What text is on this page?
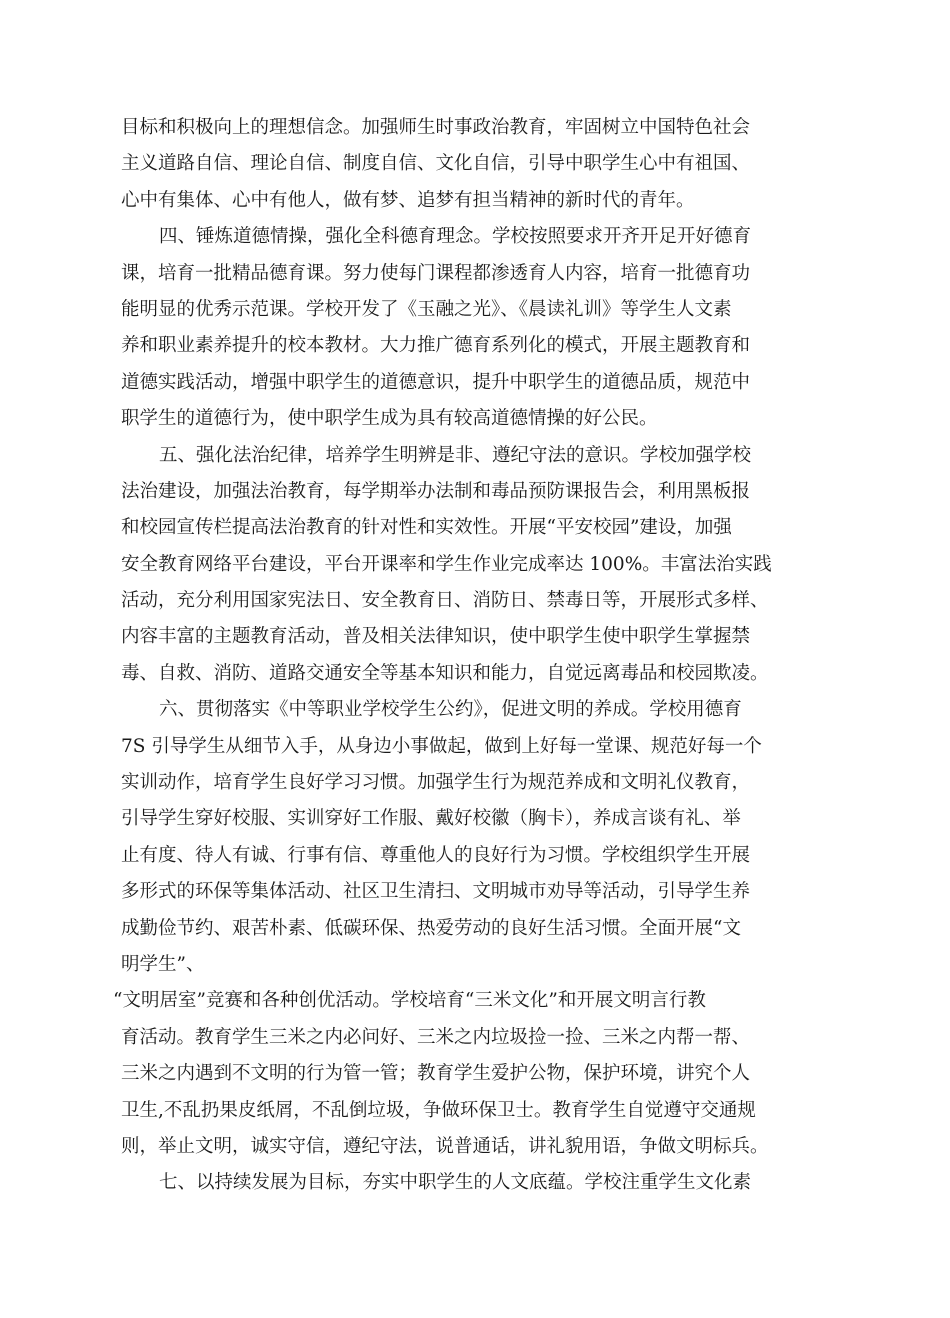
目标和积极向上的理想信念。加强师生时事政治教育，牢固树立中国特色社会
主义道路自信、理论自信、制度自信、文化自信，引导中职学生心中有祖国、
心中有集体、心中有他人，做有梦、追梦有担当精神的新时代的青年。
四、锤炼道德情操，强化全科德育理念。学校按照要求开齐开足开好德育
课，培育一批精品德育课。努力使每门课程都渗透育人内容，培育一批德育功
能明显的优秀示范课。学校开发了《玉融之光》、《晨读礼训》等学生人文素
养和职业素养提升的校本教材。大力推广德育系列化的模式，开展主题教育和
道德实践活动，增强中职学生的道德意识，提升中职学生的道德品质，规范中
职学生的道德行为，使中职学生成为具有较高道德情操的好公民。
五、强化法治纪律，培养学生明辨是非、遵纪守法的意识。学校加强学校
法治建设，加强法治教育，每学期举办法制和毒品预防课报告会，利用黑板报
和校园宣传栏提高法治教育的针对性和实效性。开展“平安校园”建设，加强
安全教育网络平台建设，平台开课率和学生作业完成率达 100%。丰富法治实践
活动，充分利用国家宪法日、安全教育日、消防日、禁毒日等，开展形式多样、
内容丰富的主题教育活动，普及相关法律知识，使中职学生使中职学生掌握禁
毒、自救、消防、道路交通安全等基本知识和能力，自觉远离毒品和校园欺凌。
六、贯彻落实《中等职业学校学生公约》，促进文明的养成。学校用德育
7S 引导学生从细节入手，从身边小事做起，做到上好每一堂课、规范好每一个
实训动作，培育学生良好学习习惯。加强学生行为规范养成和文明礼仪教育，
引导学生穿好校服、实训穿好工作服、戴好校徽（胸卡），养成言谈有礼、举
止有度、待人有诚、行事有信、尊重他人的良好行为习惯。学校组织学生开展
多形式的环保等集体活动、社区卫生清扫、文明城市劝导等活动，引导学生养
成勤俭节约、艰苦朴素、低碳环保、热爱劳动的良好生活习惯。全面开展“文
明学生”、
“文明居室”竞赛和各种创优活动。学校培育“三米文化”和开展文明言行教
育活动。教育学生三米之内必问好、三米之内垃圾捡一捡、三米之内帮一帮、
三米之内遇到不文明的行为管一管；教育学生爱护公物，保护环境，讲究个人
卫生,不乱扔果皮纸屑，不乱倒垃圾，争做环保卫士。教育学生自觉遵守交通规
则，举止文明，诚实守信，遵纪守法，说普通话，讲礼貌用语，争做文明标兵。
七、以持续发展为目标，夯实中职学生的人文底蕴。学校注重学生文化素
